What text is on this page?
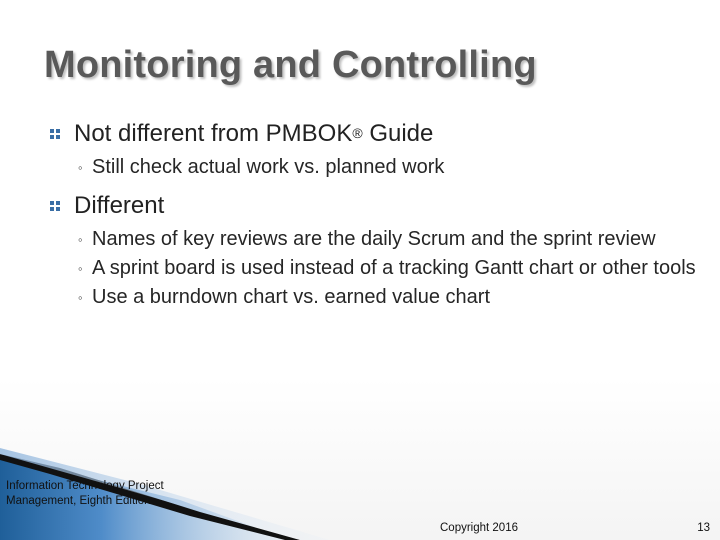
Monitoring and Controlling
Not different from PMBOK® Guide
◦ Still check actual work vs. planned work
Different
◦ Names of key reviews are the daily Scrum and the sprint review
◦ A sprint board is used instead of a tracking Gantt chart or other tools
◦ Use a burndown chart vs. earned value chart
Information Technology Project
Management, Eighth Edition
Copyright 2016	13
